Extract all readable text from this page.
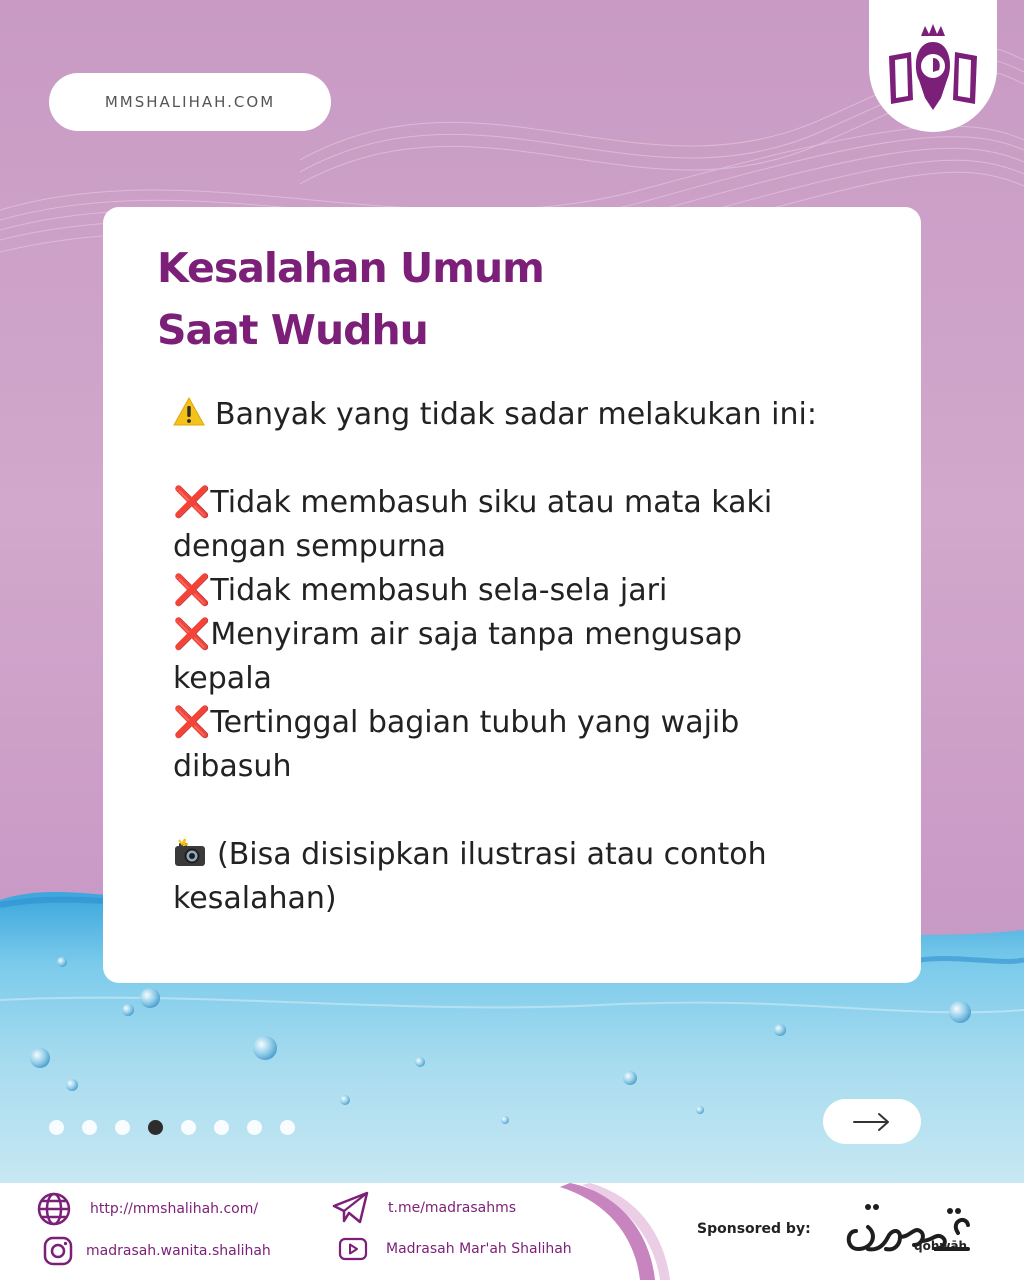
MMSHALIHAH.COM
Kesalahan Umum
Saat Wudhu
Banyak yang tidak sadar melakukan ini:
❌Tidak membasuh siku atau mata kaki
dengan sempurna
❌Tidak membasuh sela-sela jari
❌Menyiram air saja tanpa mengusap
kepala
❌Tertinggal bagian tubuh yang wajib
dibasuh
(Bisa disisipkan ilustrasi atau contoh
kesalahan)
http://mmshalihah.com/
madrasah.wanita.shalihah
t.me/madrasahms
Madrasah Mar'ah Shalihah
Sponsored by:
qohwāh
